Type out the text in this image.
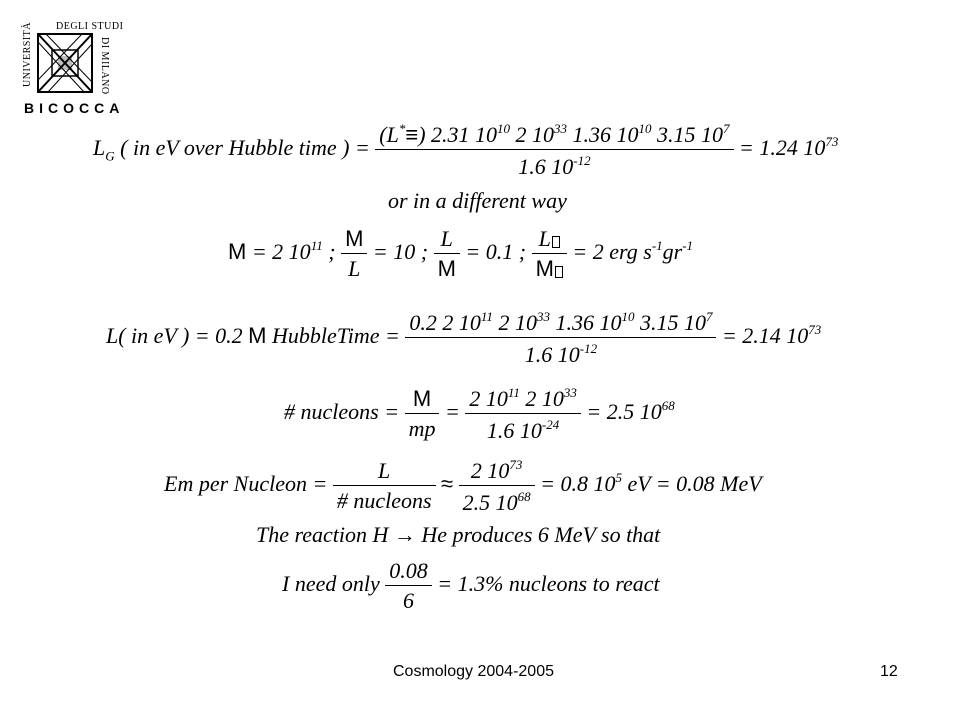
UNIVERSITÀ	DEGLI STUDI
DI MILANO
BICOCCA
$L_G$ ( in eV over Hubble time ) = $\frac{(L^*\equiv) 2.31 10^{10} 2 10^{33} 1.36 10^{10} 3.15 10^7}{1.6 10^{-12}} = 1.24$ $10^{73}$
or in a different way
M = 2 $10^{11}$ ; $\frac{M}{L} = 10$ ; $\frac{L}{M} = 0.1$ ; $\frac{L}{M} = 2$ erg $s^{-1}gr^{-1}$
L( in eV ) = 0.2 M HubbleTime = $\frac{0.2 2 10^{11} 2 10^{33} 1.36 10^{10} 3.15 10^7}{1.6 10^{-12}} = 2.14$ $10^{73}$
# nucleons = $\frac{M}{mp} = \frac{2 10^{11} 2 10^{33}}{1.6 10^{-24}} = 2.5$ $10^{68}$
Em per Nucleon = $\frac{L}{\text{\# nucleons}} \approx \frac{2 10^{73}}{2.5 10^{68}} = 0.8$ $10^5$ eV = 0.08 MeV
The reaction H → He produces 6 MeV so that
I need only $\frac{0.08}{6} = 1.3\%$ nucleons to react
Cosmology 2004-2005	12
